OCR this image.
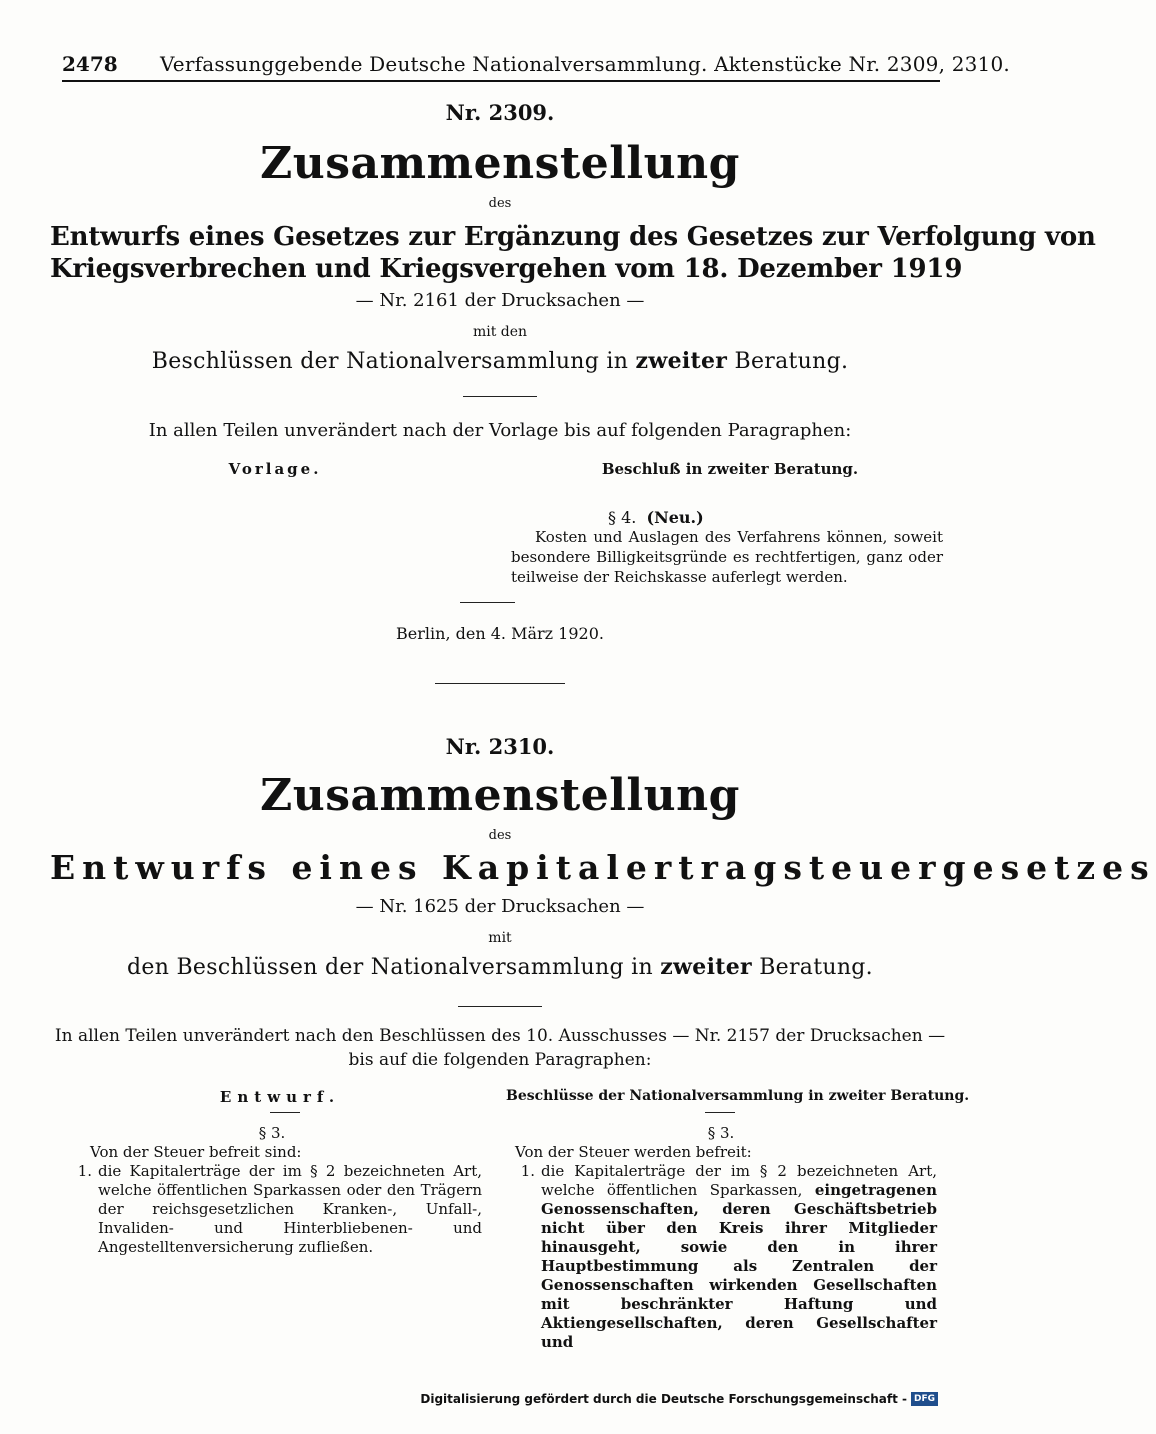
2478 Verfassunggebende Deutsche Nationalversammlung. Aktenstücke Nr. 2309, 2310.
Nr. 2309.
Zusammenstellung
des
Entwurfs eines Gesetzes zur Ergänzung des Gesetzes zur Verfolgung von
Kriegsverbrechen und Kriegsvergehen vom 18. Dezember 1919
— Nr. 2161 der Drucksachen —
mit den
Beschlüssen der Nationalversammlung in zweiter Beratung.
In allen Teilen unverändert nach der Vorlage bis auf folgenden Paragraphen:
Vorlage.	Beschluß in zweiter Beratung.
§ 4. (Neu.)
Kosten und Auslagen des Verfahrens können, soweit besondere Billigkeitsgründe es rechtfertigen, ganz oder teilweise der Reichskasse auferlegt werden.
Berlin, den 4. März 1920.
Nr. 2310.
Zusammenstellung
des
Entwurfs eines Kapitalertragsteuergesetzes
— Nr. 1625 der Drucksachen —
mit
den Beschlüssen der Nationalversammlung in zweiter Beratung.
In allen Teilen unverändert nach den Beschlüssen des 10. Ausschusses — Nr. 2157 der Drucksachen —
bis auf die folgenden Paragraphen:
Entwurf.	Beschlüsse der Nationalversammlung in zweiter Beratung.
§ 3.
Von der Steuer befreit sind:
1. die Kapitalerträge der im § 2 bezeichneten Art, welche öffentlichen Sparkassen oder den Trägern der reichsgesetzlichen Kranken-, Unfall-, Invaliden- und Hinterbliebenen- und Angestelltenversicherung zufließen.
§ 3.
Von der Steuer werden befreit:
1. die Kapitalerträge der im § 2 bezeichneten Art, welche öffentlichen Sparkassen, eingetragenen Genossenschaften, deren Geschäftsbetrieb nicht über den Kreis ihrer Mitglieder hinausgeht, sowie den in ihrer Hauptbestimmung als Zentralen der Genossenschaften wirkenden Gesellschaften mit beschränkter Haftung und Aktiengesellschaften, deren Gesellschafter und
Digitalisierung gefördert durch die Deutsche Forschungsgemeinschaft - DFG
